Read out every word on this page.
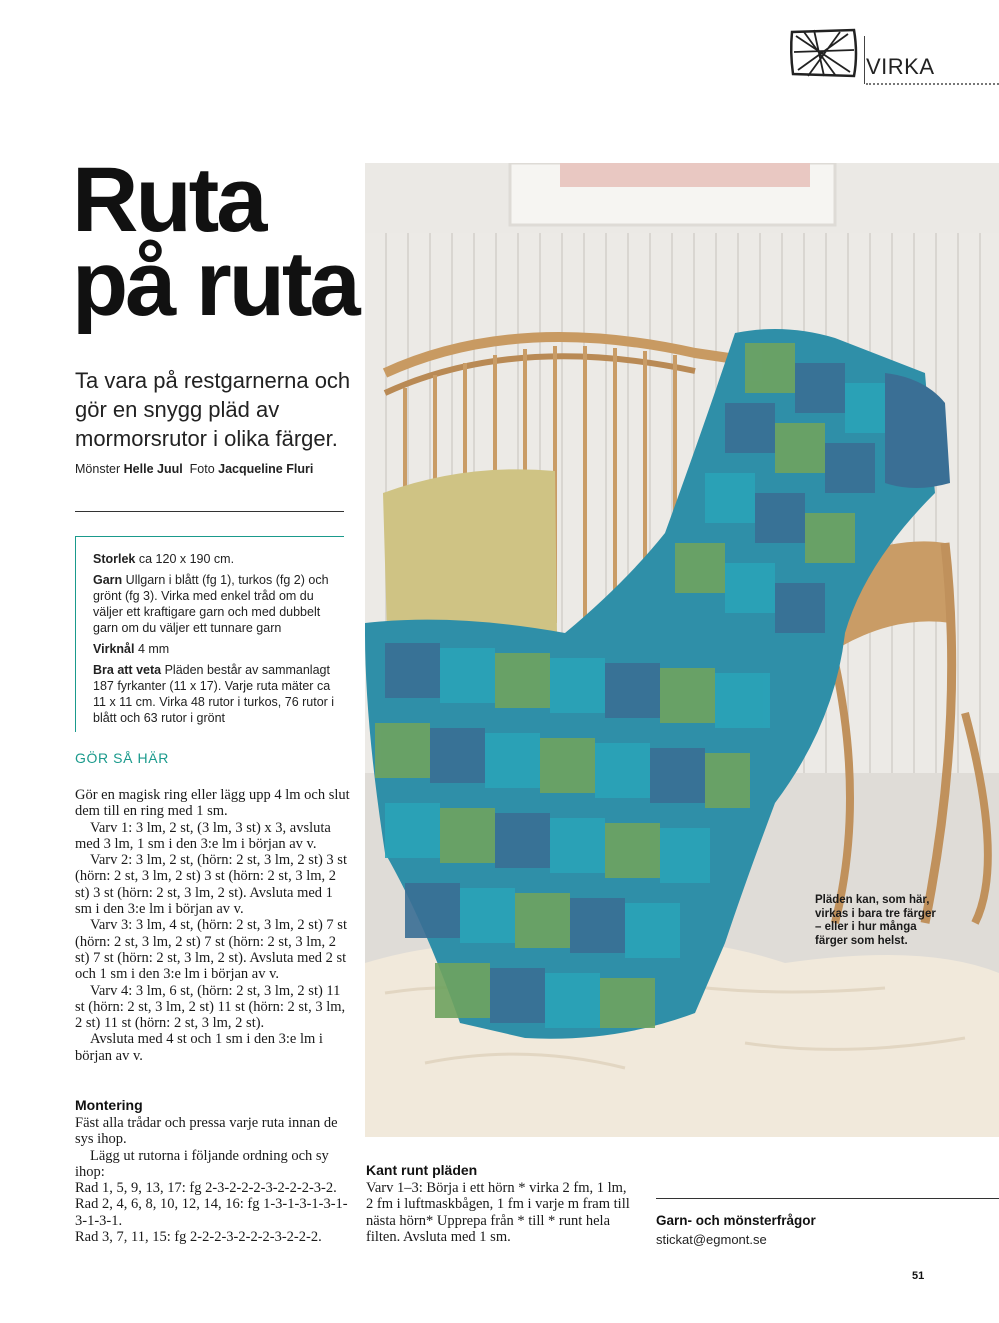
VIRKA
Ruta
på ruta

Ta vara på restgarnerna och gör en snygg pläd av mormorsrutor i olika färger.

Mönster Helle Juul Foto Jacqueline Fluri

Storlek ca 120 x 190 cm.

Garn Ullgarn i blått (fg 1), turkos (fg 2) och grönt (fg 3). Virka med enkel tråd om du väljer ett kraftigare garn och med dubbelt garn om du väljer ett tunnare garn

Virknål 4 mm

Bra att veta Pläden består av sammanlagt 187 fyrkanter (11 x 17). Varje ruta mäter ca 11 x 11 cm. Virka 48 rutor i turkos, 76 rutor i blått och 63 rutor i grönt

GÖR SÅ HÄR

Gör en magisk ring eller lägg upp 4 lm och slut dem till en ring med 1 sm.

Varv 1: 3 lm, 2 st, (3 lm, 3 st) x 3, avsluta med 3 lm, 1 sm i den 3:e lm i början av v.

Varv 2: 3 lm, 2 st, (hörn: 2 st, 3 lm, 2 st) 3 st (hörn: 2 st, 3 lm, 2 st) 3 st (hörn: 2 st, 3 lm, 2 st) 3 st (hörn: 2 st, 3 lm, 2 st). Avsluta med 1 sm i den 3:e lm i början av v.

Varv 3: 3 lm, 4 st, (hörn: 2 st, 3 lm, 2 st) 7 st (hörn: 2 st, 3 lm, 2 st) 7 st (hörn: 2 st, 3 lm, 2 st) 7 st (hörn: 2 st, 3 lm, 2 st). Avsluta med 2 st och 1 sm i den 3:e lm i början av v.

Varv 4: 3 lm, 6 st, (hörn: 2 st, 3 lm, 2 st) 11 st (hörn: 2 st, 3 lm, 2 st) 11 st (hörn: 2 st, 3 lm, 2 st) 11 st (hörn: 2 st, 3 lm, 2 st).

Avsluta med 4 st och 1 sm i den 3:e lm i början av v.

Montering

Fäst alla trådar och pressa varje ruta innan de sys ihop.

Lägg ut rutorna i följande ordning och sy ihop:

Rad 1, 5, 9, 13, 17: fg 2-3-2-2-2-3-2-2-2-3-2.

Rad 2, 4, 6, 8, 10, 12, 14, 16: fg 1-3-1-3-1-3-1-3-1-3-1.

Rad 3, 7, 11, 15: fg 2-2-2-3-2-2-2-3-2-2-2.

Pläden kan, som här, virkas i bara tre färger – eller i hur många färger som helst.

Kant runt pläden

Varv 1–3: Börja i ett hörn * virka 2 fm, 1 lm, 2 fm i luftmaskbågen, 1 fm i varje m fram till nästa hörn* Upprepa från * till * runt hela filten. Avsluta med 1 sm.

Garn- och mönsterfrågor
stickat@egmont.se
51
